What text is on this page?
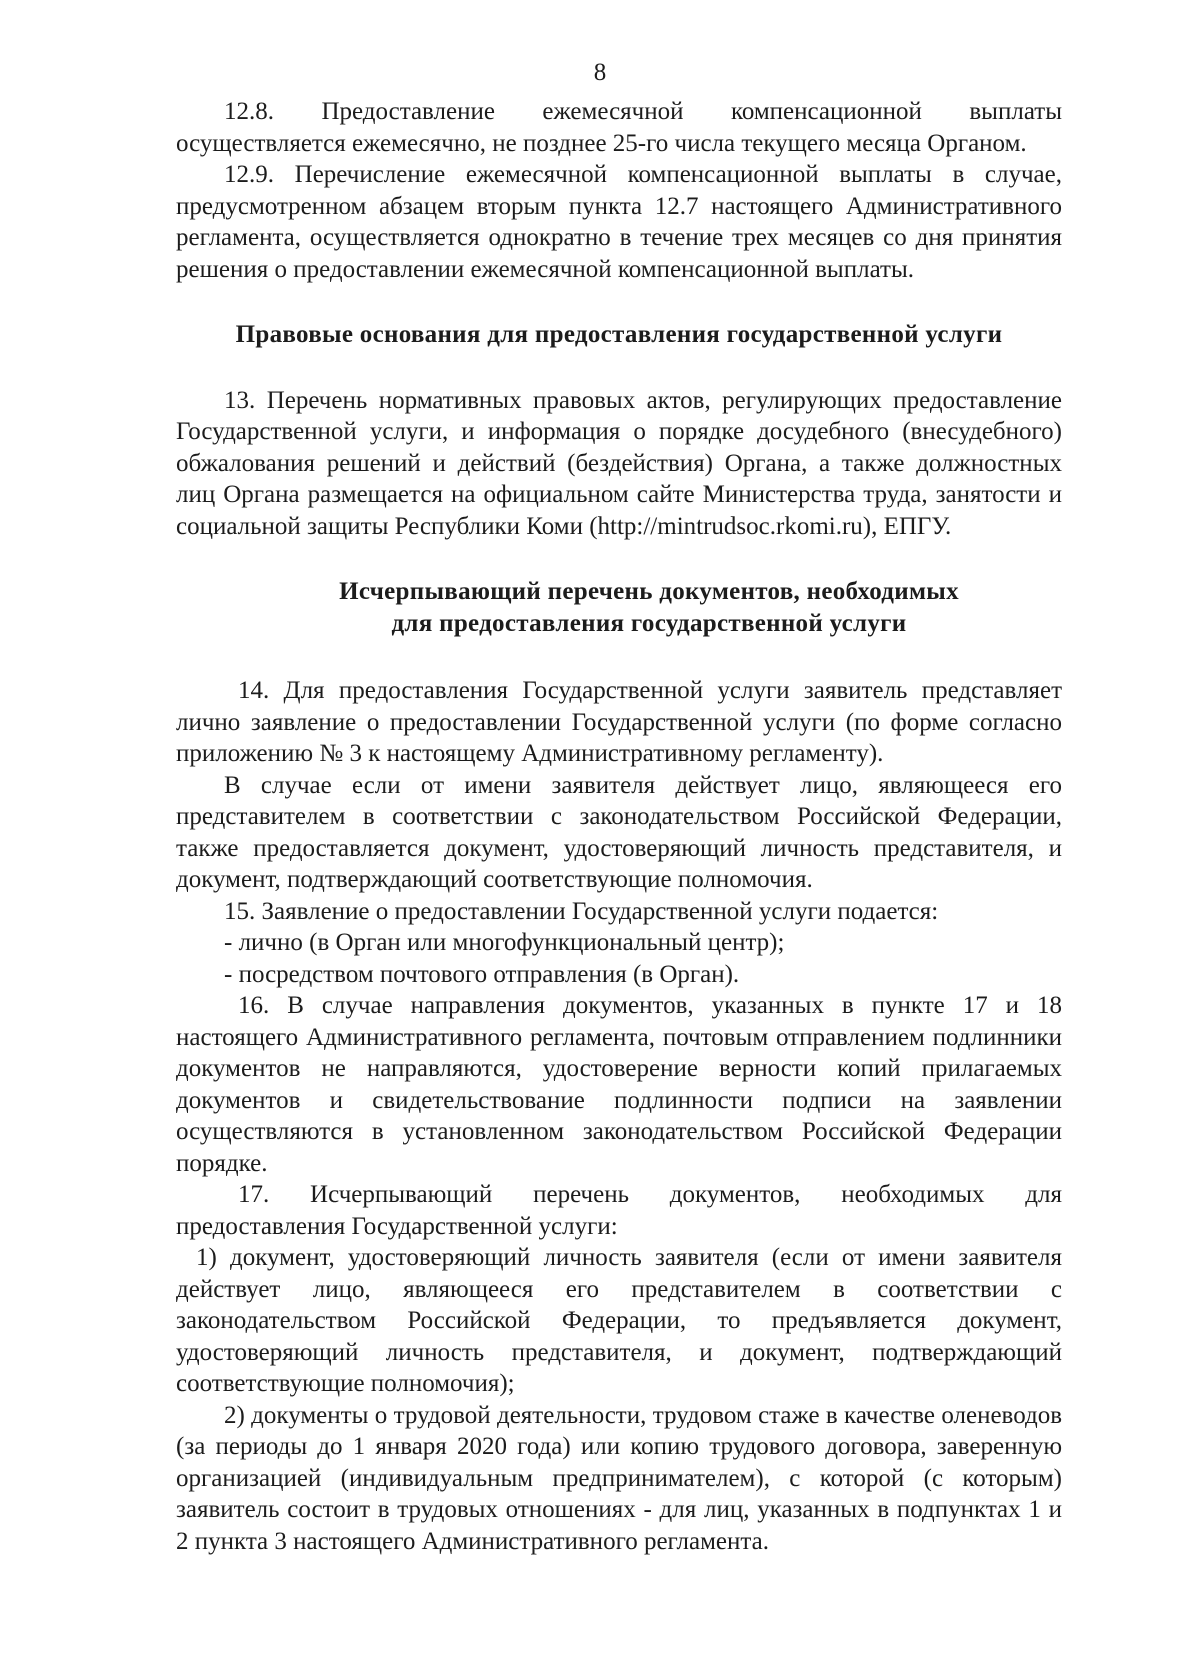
8

12.8. Предоставление ежемесячной компенсационной выплаты осуществляется ежемесячно, не позднее 25-го числа текущего месяца Органом.

12.9. Перечисление ежемесячной компенсационной выплаты в случае, предусмотренном абзацем вторым пункта 12.7 настоящего Административного регламента, осуществляется однократно в течение трех месяцев со дня принятия решения о предоставлении ежемесячной компенсационной выплаты.

Правовые основания для предоставления государственной услуги

13. Перечень нормативных правовых актов, регулирующих предоставление Государственной услуги, и информация о порядке досудебного (внесудебного) обжалования решений и действий (бездействия) Органа, а также должностных лиц Органа размещается на официальном сайте Министерства труда, занятости и социальной защиты Республики Коми (http://mintrudsoc.rkomi.ru), ЕПГУ.

Исчерпывающий перечень документов, необходимых
для предоставления государственной услуги

14. Для предоставления Государственной услуги заявитель представляет лично заявление о предоставлении Государственной услуги (по форме согласно приложению № 3 к настоящему Административному регламенту).

В случае если от имени заявителя действует лицо, являющееся его представителем в соответствии с законодательством Российской Федерации, также предоставляется документ, удостоверяющий личность представителя, и документ, подтверждающий соответствующие полномочия.

15. Заявление о предоставлении Государственной услуги подается:

- лично (в Орган или многофункциональный центр);

- посредством почтового отправления (в Орган).

16. В случае направления документов, указанных в пункте 17 и 18 настоящего Административного регламента, почтовым отправлением подлинники документов не направляются, удостоверение верности копий прилагаемых документов и свидетельствование подлинности подписи на заявлении осуществляются в установленном законодательством Российской Федерации порядке.

17. Исчерпывающий перечень документов, необходимых для предоставления Государственной услуги:

1) документ, удостоверяющий личность заявителя (если от имени заявителя действует лицо, являющееся его представителем в соответствии с законодательством Российской Федерации, то предъявляется документ, удостоверяющий личность представителя, и документ, подтверждающий соответствующие полномочия);

2) документы о трудовой деятельности, трудовом стаже в качестве оленеводов (за периоды до 1 января 2020 года) или копию трудового договора, заверенную организацией (индивидуальным предпринимателем), с которой (с которым) заявитель состоит в трудовых отношениях - для лиц, указанных в подпунктах 1 и 2 пункта 3 настоящего Административного регламента.
